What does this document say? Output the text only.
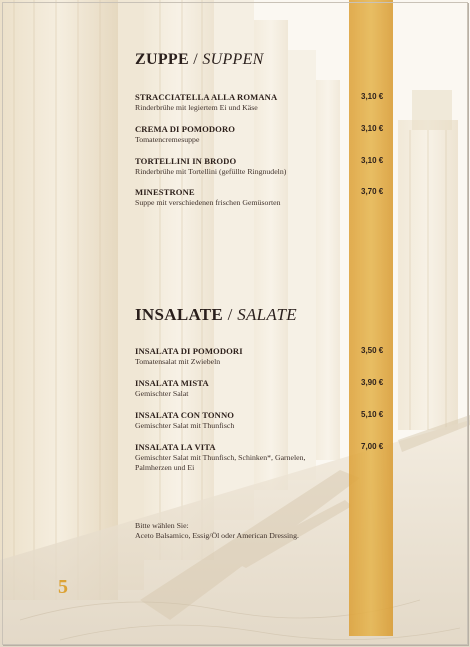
ZUPPE / SUPPEN
STRACCIATELLA ALLA ROMANA
Rinderbrühe mit legiertem Ei und Käse
3,10 €
CREMA DI POMODORO
Tomatencremesuppe
3,10 €
TORTELLINI IN BRODO
Rinderbrühe mit Tortellini (gefüllte Ringnudeln)
3,10 €
MINESTRONE
Suppe mit verschiedenen frischen Gemüsorten
3,70 €
INSALATE / SALATE
INSALATA DI POMODORI
Tomatensalat mit Zwiebeln
3,50 €
INSALATA MISTA
Gemischter Salat
3,90 €
INSALATA CON TONNO
Gemischter Salat mit Thunfisch
5,10 €
INSALATA LA VITA
Gemischter Salat mit Thunfisch, Schinken*, Garnelen, Palmherzen und Ei
7,00 €
Bitte wählen Sie:
Aceto Balsamico, Essig/Öl oder American Dressing.
5
